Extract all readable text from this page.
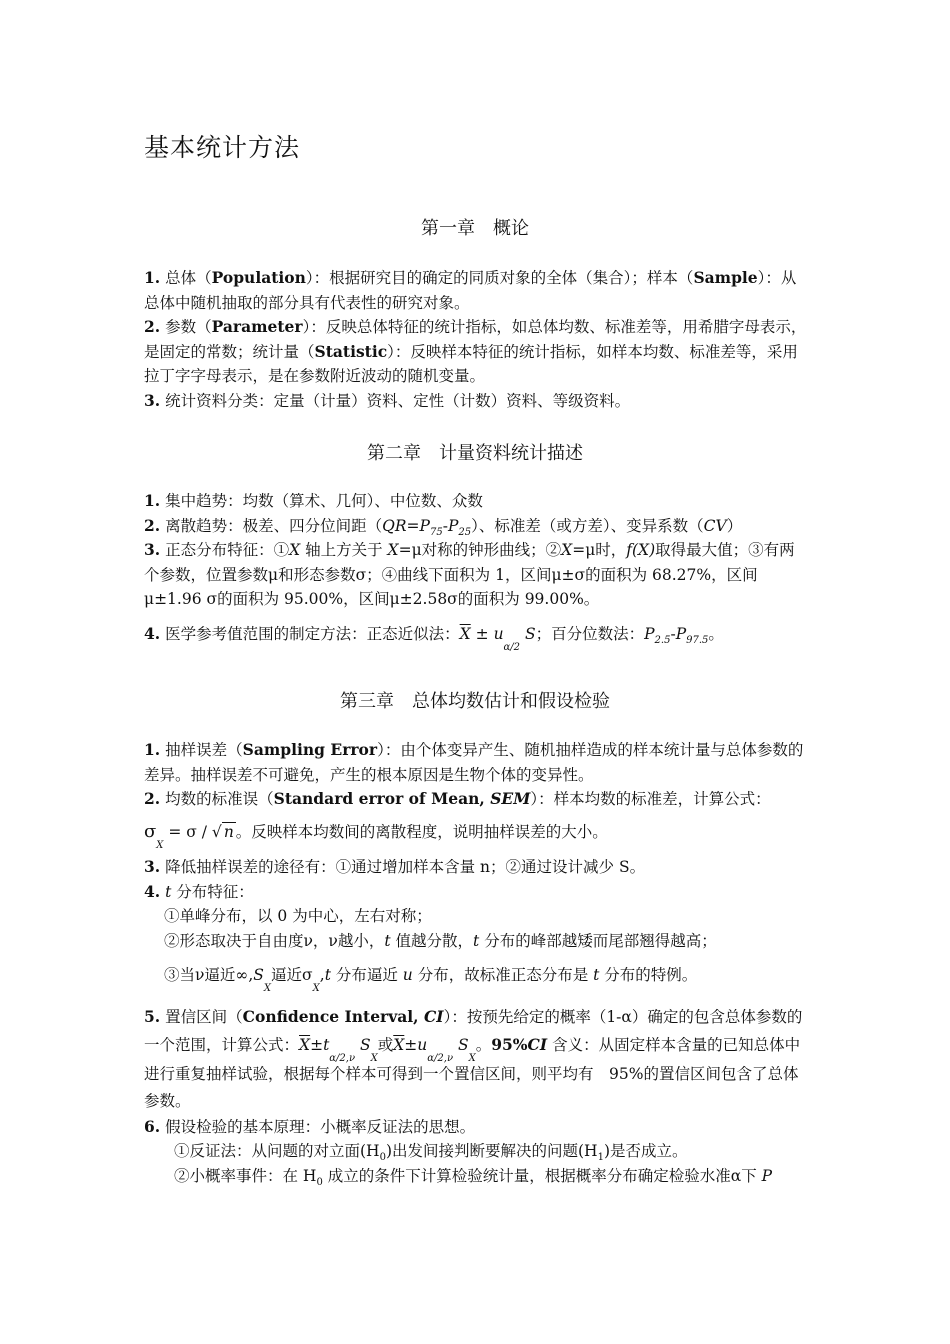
基本统计方法
第一章　概论

1. 总体（Population）：根据研究目的确定的同质对象的全体（集合）；样本（Sample）：从总体中随机抽取的部分具有代表性的研究对象。

2. 参数（Parameter）：反映总体特征的统计指标，如总体均数、标准差等，用希腊字母表示，是固定的常数；统计量（Statistic）：反映样本特征的统计指标，如样本均数、标准差等，采用拉丁字字母表示，是在参数附近波动的随机变量。

3. 统计资料分类：定量（计量）资料、定性（计数）资料、等级资料。

第二章　计量资料统计描述

1. 集中趋势：均数（算术、几何）、中位数、众数

2. 离散趋势：极差、四分位间距$(QR=P_{75}-P_{25})$、标准差（或方差）、变异系数（CV）

3. 正态分布特征：①X 轴上方关于 X=μ对称的钟形曲线；②X=μ时，f(X)取得最大值；③有两个参数，位置参数μ和形态参数σ；④曲线下面积为 1，区间μ±σ的面积为 68.27%，区间μ±1.96 σ的面积为 95.00%，区间μ±2.58σ的面积为 99.00%。

4. 医学参考值范围的制定方法：正态近似法：$\overline{X} \pm u_{\alpha/2}$ S；百分位数法：$P_{2.5}-P_{97.5}$。

第三章　总体均数估计和假设检验

1. 抽样误差（Sampling Error）：由个体变异产生、随机抽样造成的样本统计量与总体参数的差异。抽样误差不可避免，产生的根本原因是生物个体的变异性。

2. 均数的标准误（Standard error of Mean, SEM）：样本均数的标准差，计算公式：

$\sigma_X = \sigma$ / √ n 。反映样本均数间的离散程度，说明抽样误差的大小。

3. 降低抽样误差的途径有：①通过增加样本含量 n；②通过设计减少 S。

4. t 分布特征：

①单峰分布，以 0 为中心，左右对称；

②形态取决于自由度ν，ν越小，t 值越分散，t 分布的峰部越矮而尾部翘得越高；

③当ν逼近$\infty,S_X$逼近$\sigma_X,t$ 分布逼近 u 分布，故标准正态分布是 t 分布的特例。

5. 置信区间（Confidence Interval, CI）：按预先给定的概率（1-α）确定的包含总体参数的一个范围，计算公式：$\overline{X}\pm t_{\alpha/2,\nu}$ $S_X$或$\overline{X}\pm u_{\alpha/2,\nu}$ $S_X$。95%CI 含义：从固定样本含量的已知总体中进行重复抽样试验，根据每个样本可得到一个置信区间，则平均有　95%的置信区间包含了总体参数。

6. 假设检验的基本原理：小概率反证法的思想。

①反证法：从问题的对立面$(H_0)$出发间接判断要解决的问题$(H_1)$是否成立。

②小概率事件：在 $H_0$ 成立的条件下计算检验统计量，根据概率分布确定检验水准α下 P
